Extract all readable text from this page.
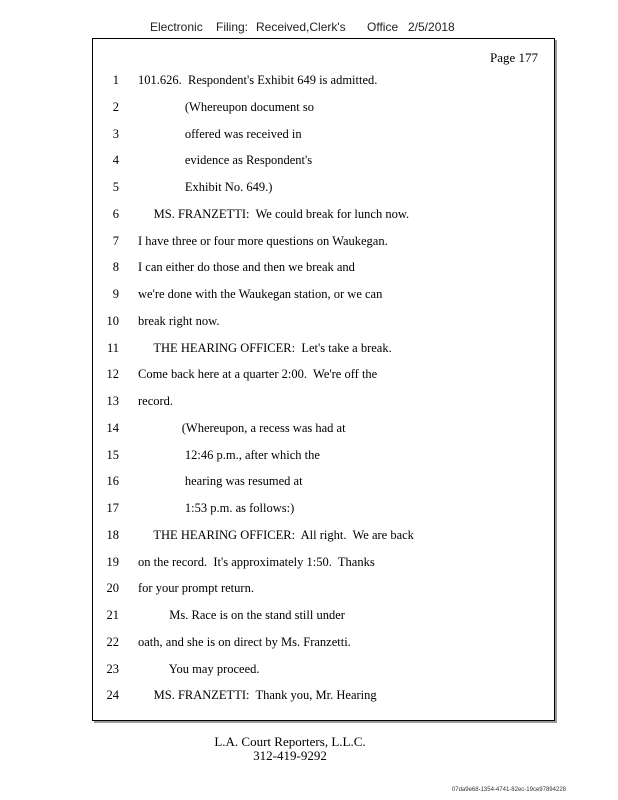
Electronic Filing: Received,Clerk's Office 2/5/2018
Page 177
1 101.626.  Respondent's Exhibit 649 is admitted.
2 (Whereupon document so
3 offered was received in
4 evidence as Respondent's
5 Exhibit No. 649.)
6 MS. FRANZETTI:  We could break for lunch now.
7 I have three or four more questions on Waukegan.
8 I can either do those and then we break and
9 we're done with the Waukegan station, or we can
10 break right now.
11 THE HEARING OFFICER:  Let's take a break.
12 Come back here at a quarter 2:00.  We're off the
13 record.
14 (Whereupon, a recess was had at
15 12:46 p.m., after which the
16 hearing was resumed at
17 1:53 p.m. as follows:)
18 THE HEARING OFFICER:  All right.  We are back
19 on the record.  It's approximately 1:50.  Thanks
20 for your prompt return.
21 Ms. Race is on the stand still under
22 oath, and she is on direct by Ms. Franzetti.
23 You may proceed.
24 MS. FRANZETTI:  Thank you, Mr. Hearing
L.A. Court Reporters, L.L.C.
312-419-9292
07da9e68-1354-4741-82ec-19ce97894228
